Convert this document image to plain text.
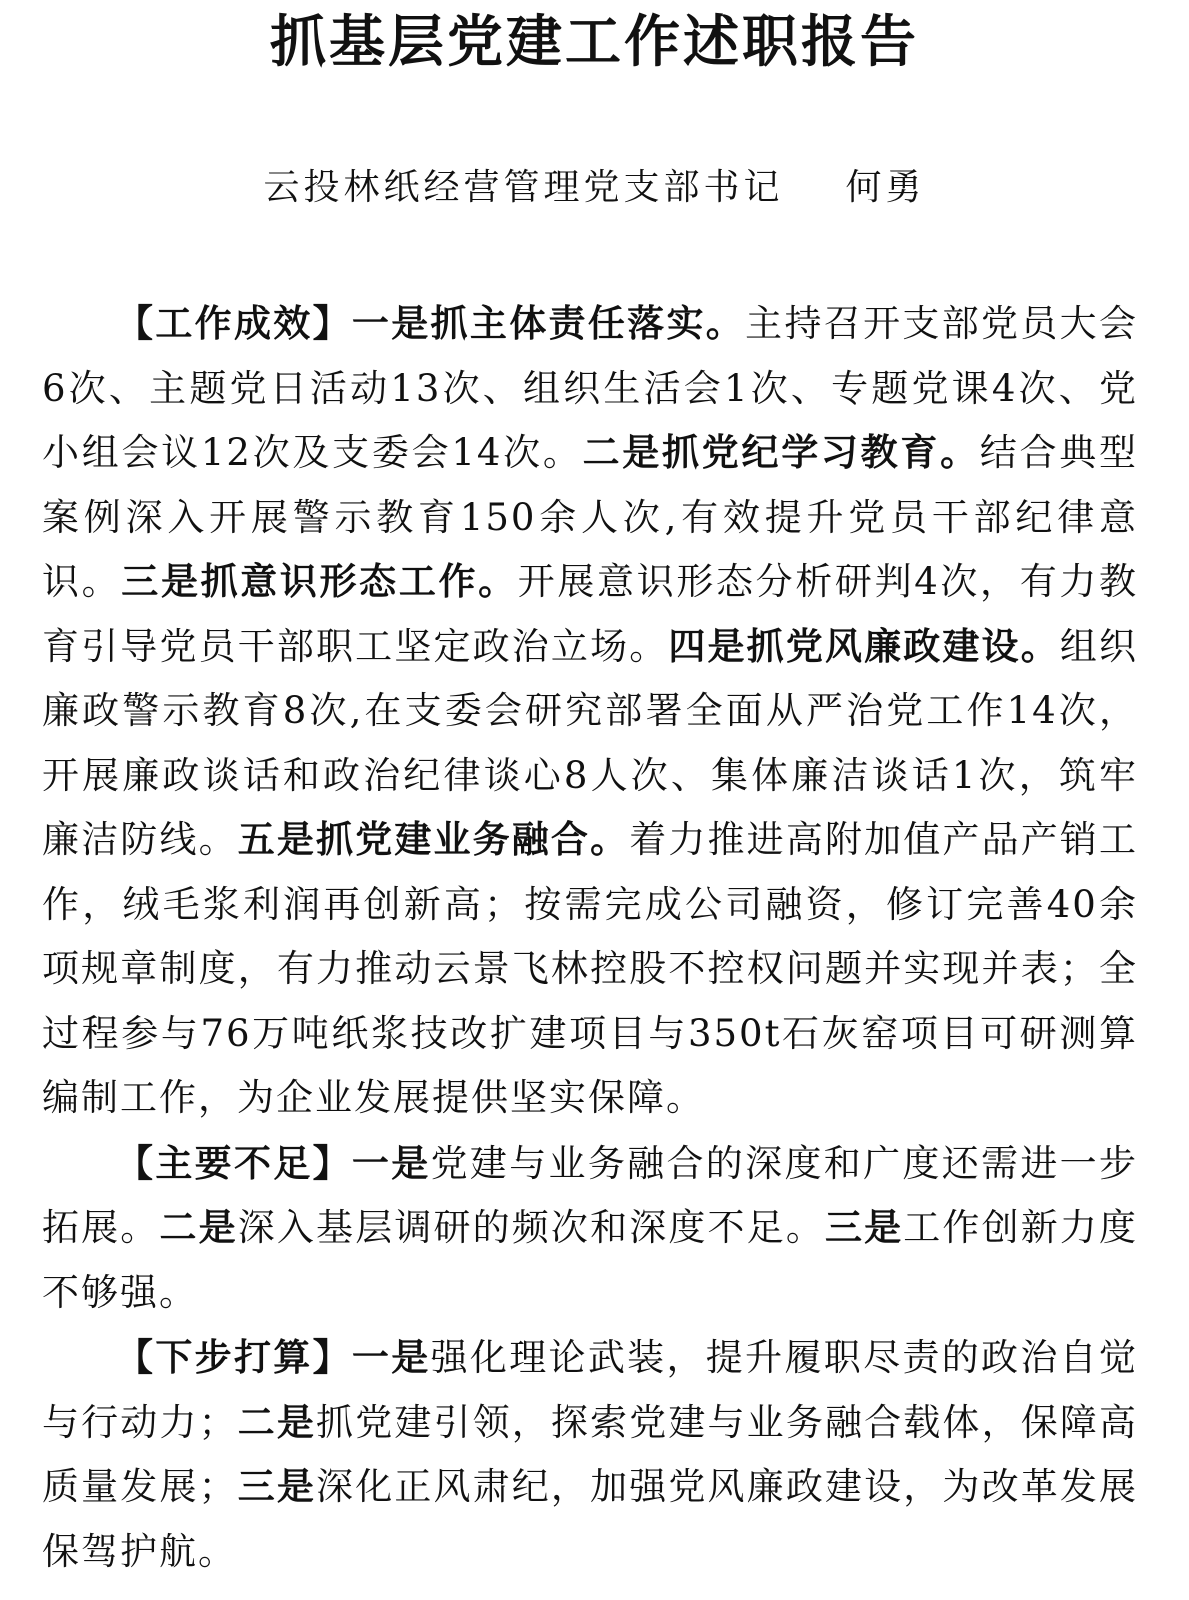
抓基层党建工作述职报告

云投林纸经营管理党支部书记 何勇

【工作成效】一是抓主体责任落实。主持召开支部党员大会6次、主题党日活动13次、组织生活会1次、专题党课4次、党小组会议12次及支委会14次。二是抓党纪学习教育。结合典型案例深入开展警示教育150余人次,有效提升党员干部纪律意识。三是抓意识形态工作。开展意识形态分析研判4次，有力教育引导党员干部职工坚定政治立场。四是抓党风廉政建设。组织廉政警示教育8次,在支委会研究部署全面从严治党工作14次，开展廉政谈话和政治纪律谈心8人次、集体廉洁谈话1次，筑牢廉洁防线。五是抓党建业务融合。着力推进高附加值产品产销工作，绒毛浆利润再创新高；按需完成公司融资，修订完善40余项规章制度，有力推动云景飞林控股不控权问题并实现并表；全过程参与76万吨纸浆技改扩建项目与350t石灰窑项目可研测算编制工作，为企业发展提供坚实保障。

【主要不足】一是党建与业务融合的深度和广度还需进一步拓展。二是深入基层调研的频次和深度不足。三是工作创新力度不够强。

【下步打算】一是强化理论武装，提升履职尽责的政治自觉与行动力；二是抓党建引领，探索党建与业务融合载体，保障高质量发展；三是深化正风肃纪，加强党风廉政建设，为改革发展保驾护航。
